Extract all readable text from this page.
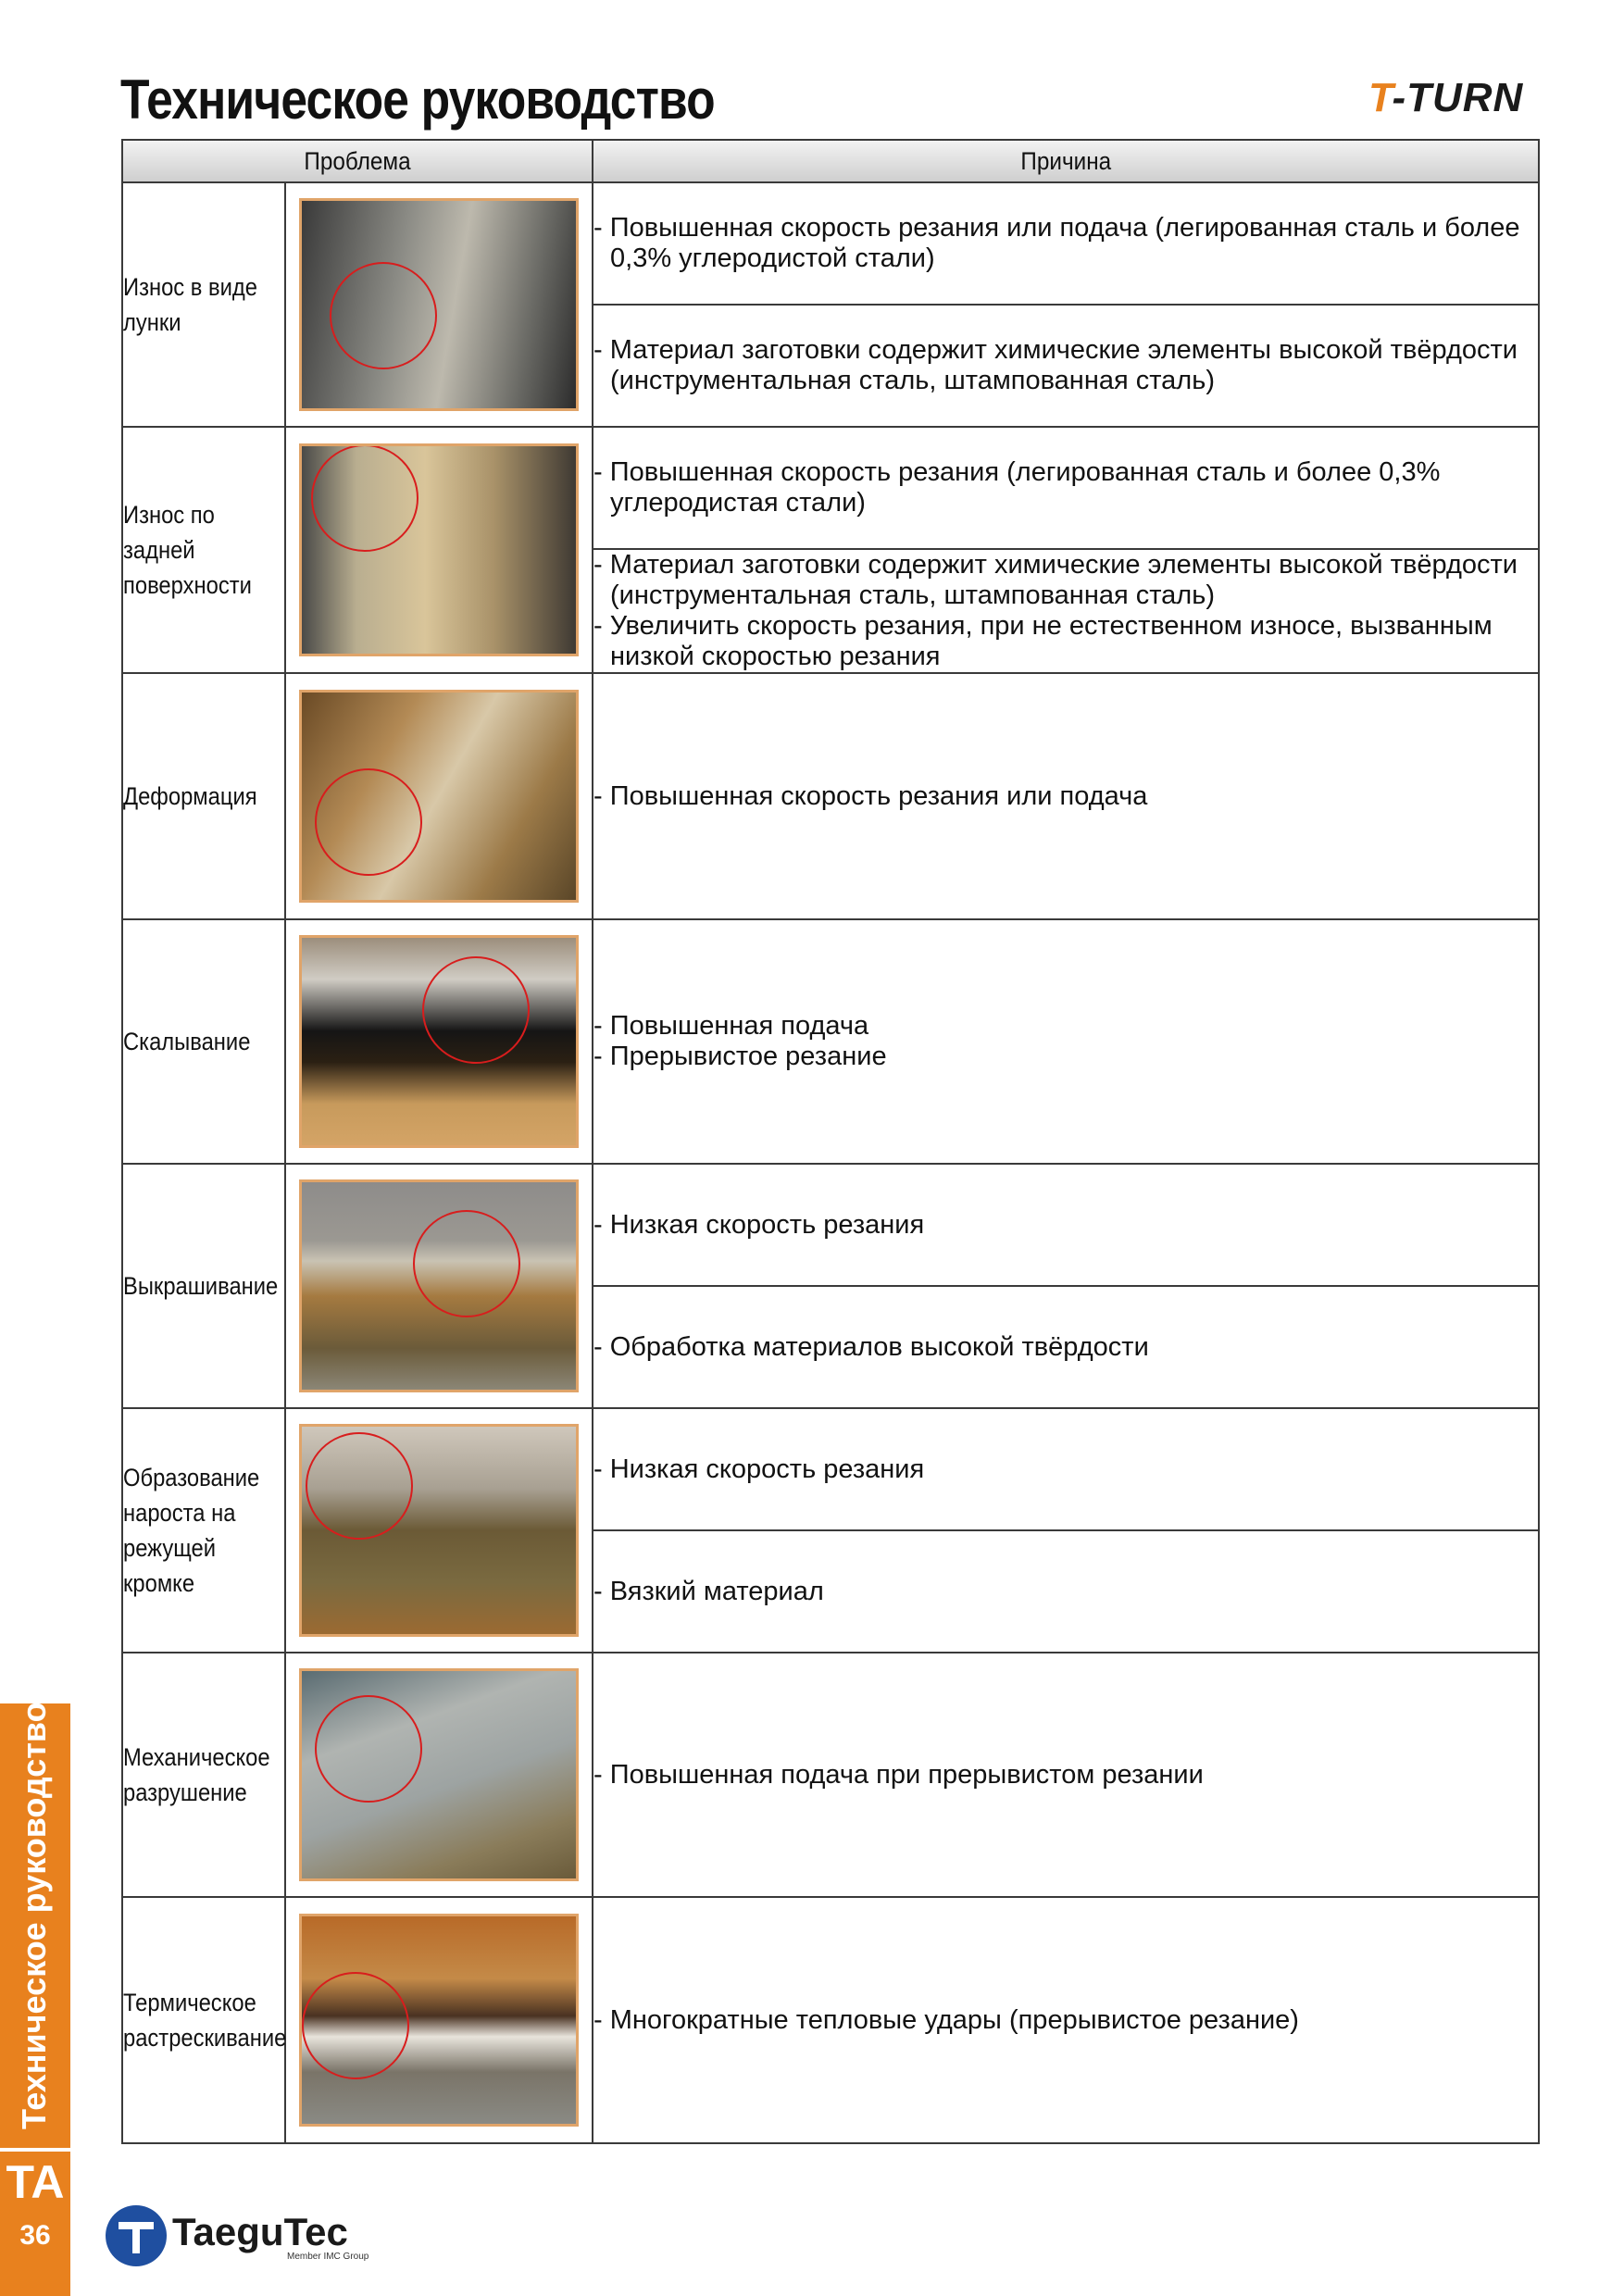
Техническое руководство	T-TURN
Проблема		Причина
Износ в виде лунки		- Повышенная скорость резания или подача (легированная сталь и более 0,3% углеродистой стали)

		- Материал заготовки содержит химические элементы высокой твёрдости (инструментальная сталь, штампованная сталь)

Износ по задней поверхности		- Повышенная скорость резания (легированная сталь и более 0,3% углеродистая стали)

		- Материал заготовки содержит химические элементы высокой твёрдости (инструментальная сталь, штампованная сталь)
- Увеличить скорость резания, при не естественном износе, вызванным низкой скоростью резания

Деформация		- Повышенная скорость резания или подача

Скалывание		- Повышенная подача
- Прерывистое резание

Выкрашивание		- Низкая скорость резания

		- Обработка материалов высокой твёрдости

Образование нароста на режущей кромке		- Низкая скорость резания

		- Вязкий материал

Механическое разрушение		- Повышенная подача при прерывистом резании

Термическое растрескивание		- Многократные тепловые удары (прерывистое резание)
Техническое руководство
TA
36	TaeguTec
Member IMC Group
